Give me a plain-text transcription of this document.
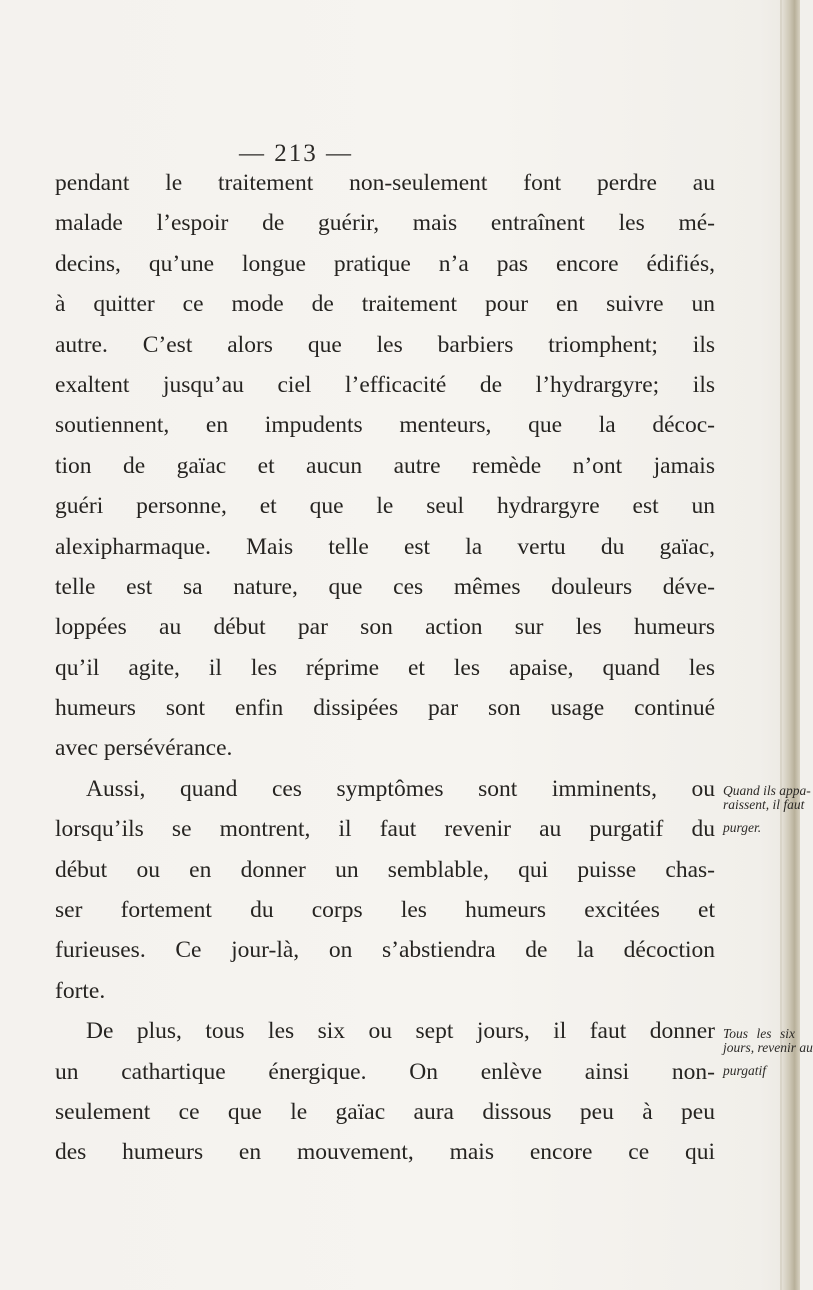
— 213 —
pendant le traitement non-seulement font perdre au
malade l’espoir de guérir, mais entraînent les mé-
decins, qu’une longue pratique n’a pas encore édifiés,
à quitter ce mode de traitement pour en suivre un
autre. C’est alors que les barbiers triomphent; ils
exaltent jusqu’au ciel l’efficacité de l’hydrargyre; ils
soutiennent, en impudents menteurs, que la décoc-
tion de gaïac et aucun autre remède n’ont jamais
guéri personne, et que le seul hydrargyre est un
alexipharmaque. Mais telle est la vertu du gaïac,
telle est sa nature, que ces mêmes douleurs déve-
loppées au début par son action sur les humeurs
qu’il agite, il les réprime et les apaise, quand les
humeurs sont enfin dissipées par son usage continué
avec persévérance.
Aussi, quand ces symptômes sont imminents, ou
lorsqu’ils se montrent, il faut revenir au purgatif du
début ou en donner un semblable, qui puisse chas-
ser fortement du corps les humeurs excitées et
furieuses. Ce jour-là, on s’abstiendra de la décoction
forte.
De plus, tous les six ou sept jours, il faut donner
un cathartique énergique. On enlève ainsi non-
seulement ce que le gaïac aura dissous peu à peu
des humeurs en mouvement, mais encore ce qui
Quand ils appa-
raissent, il faut
purger.
Tous les six
jours, revenir au
purgatif
